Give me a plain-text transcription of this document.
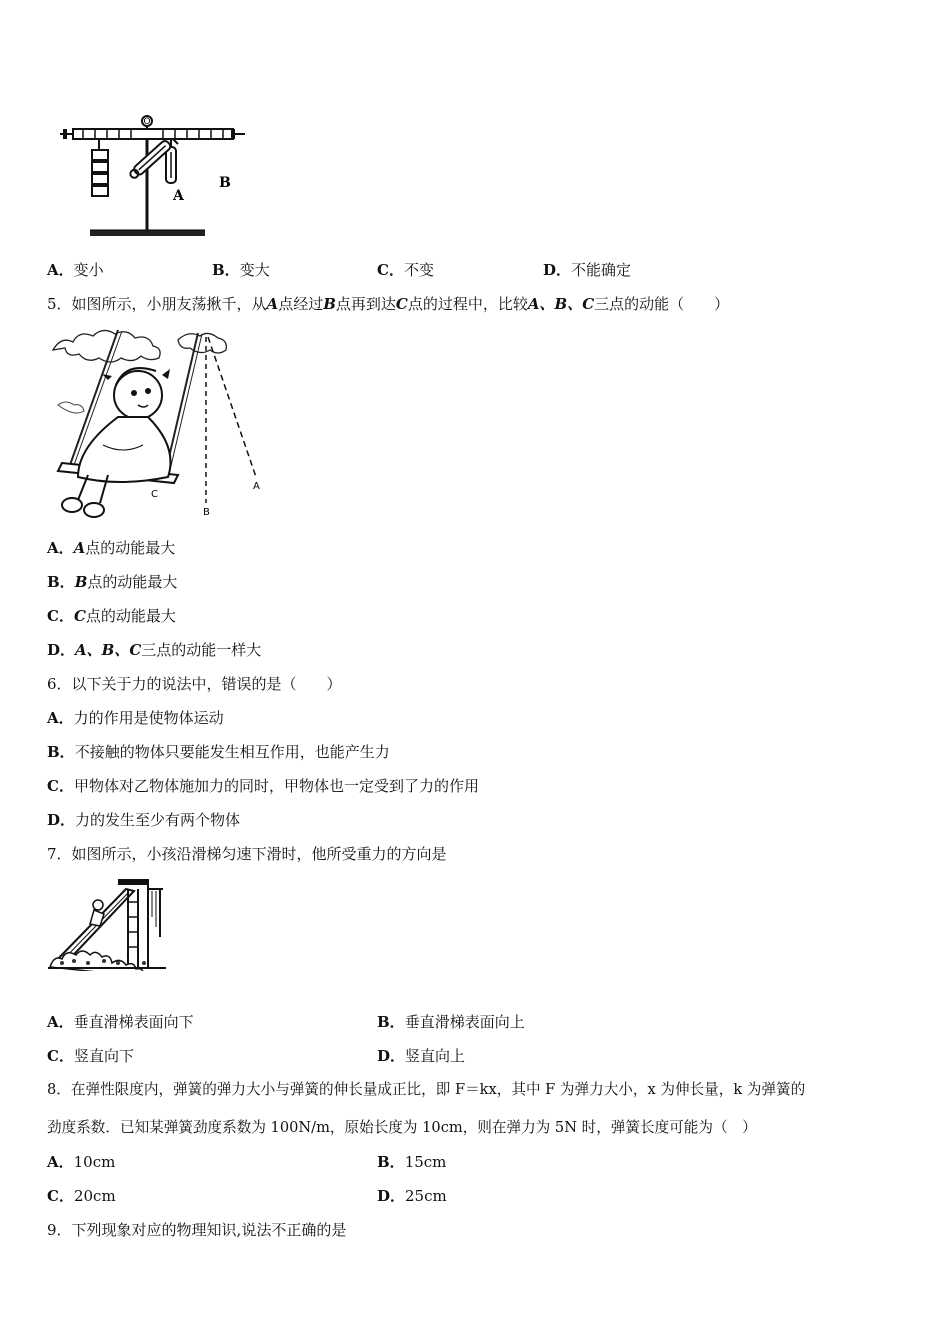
O
A
B
A．变小	B．变大	C．不变	D．不能确定
5．如图所示，小朋友荡揪千，从A点经过B点再到达C点的过程中，比较A、B、C三点的动能（　　）
B
A
C
A．A点的动能最大
B．B点的动能最大
C．C点的动能最大
D．A、B、C三点的动能一样大
6．以下关于力的说法中，错误的是（　　）
A．力的作用是使物体运动
B．不接触的物体只要能发生相互作用，也能产生力
C．甲物体对乙物体施加力的同时，甲物体也一定受到了力的作用
D．力的发生至少有两个物体
7．如图所示，小孩沿滑梯匀速下滑时，他所受重力的方向是
A．垂直滑梯表面向下	B．垂直滑梯表面向上
C．竖直向下	D．竖直向上
8．在弹性限度内，弹簧的弹力大小与弹簧的伸长量成正比，即 F＝kx，其中 F 为弹力大小，x 为伸长量，k 为弹簧的
劲度系数．已知某弹簧劲度系数为 100N/m，原始长度为 10cm，则在弹力为 5N 时，弹簧长度可能为（　）
A．10cm	B．15cm
C．20cm	D．25cm
9．下列现象对应的物理知识,说法不正确的是
